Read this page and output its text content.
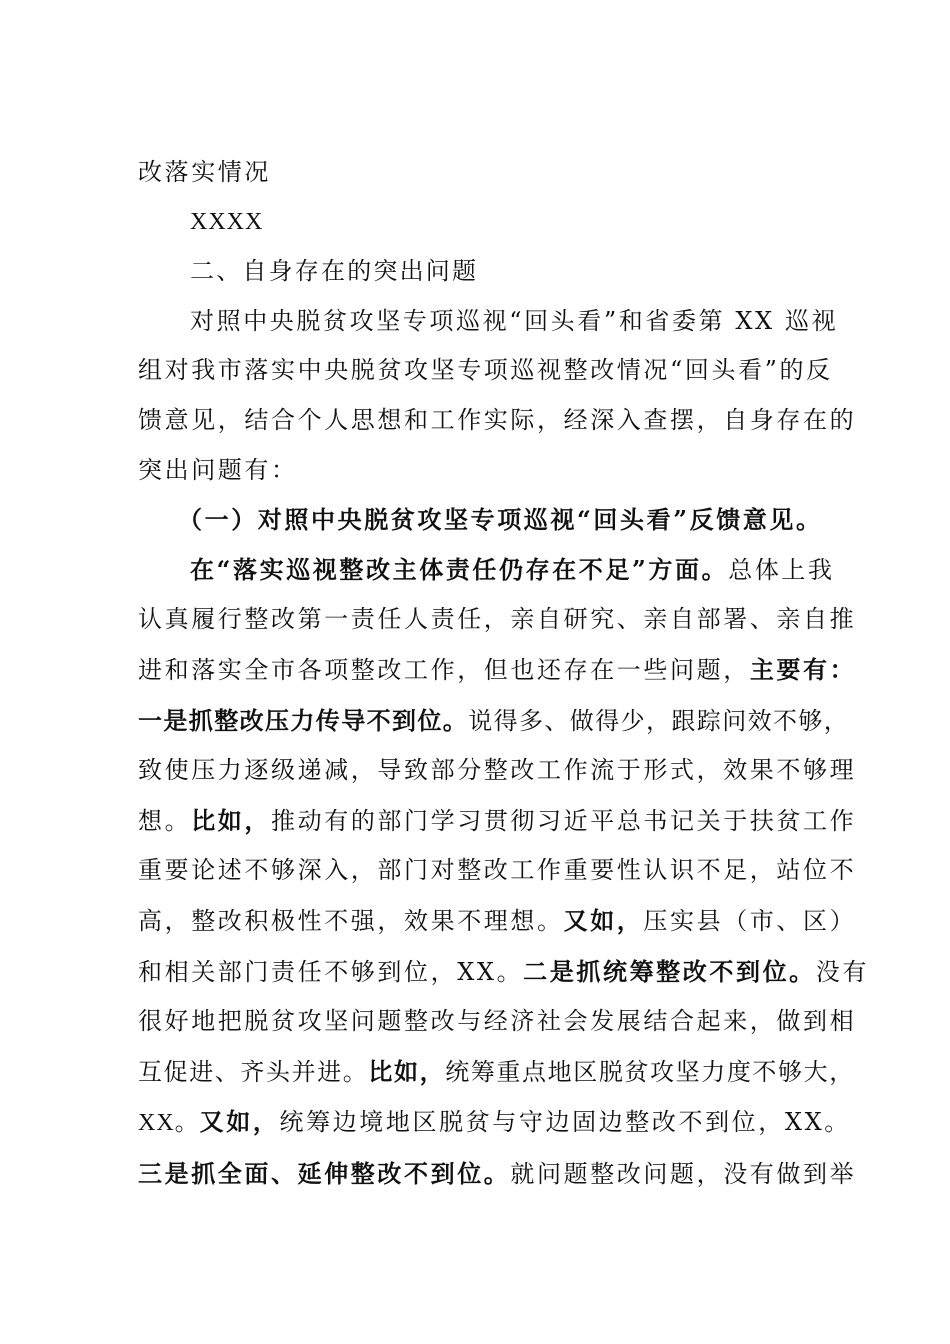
改落实情况
XXXX
二、自身存在的突出问题
对照中央脱贫攻坚专项巡视“回头看”和省委第 XX 巡视
组对我市落实中央脱贫攻坚专项巡视整改情况“回头看”的反
馈意见，结合个人思想和工作实际，经深入查摆，自身存在的
突出问题有：
（一）对照中央脱贫攻坚专项巡视“回头看”反馈意见。
在“落实巡视整改主体责任仍存在不足”方面。总体上我
认真履行整改第一责任人责任，亲自研究、亲自部署、亲自推
进和落实全市各项整改工作，但也还存在一些问题，主要有：
一是抓整改压力传导不到位。说得多、做得少，跟踪问效不够，
致使压力逐级递减，导致部分整改工作流于形式，效果不够理
想。比如，推动有的部门学习贯彻习近平总书记关于扶贫工作
重要论述不够深入，部门对整改工作重要性认识不足，站位不
高，整改积极性不强，效果不理想。又如，压实县（市、区）
和相关部门责任不够到位，XX。二是抓统筹整改不到位。没有
很好地把脱贫攻坚问题整改与经济社会发展结合起来，做到相
互促进、齐头并进。比如，统筹重点地区脱贫攻坚力度不够大，
XX。又如，统筹边境地区脱贫与守边固边整改不到位，XX。
三是抓全面、延伸整改不到位。就问题整改问题，没有做到举
